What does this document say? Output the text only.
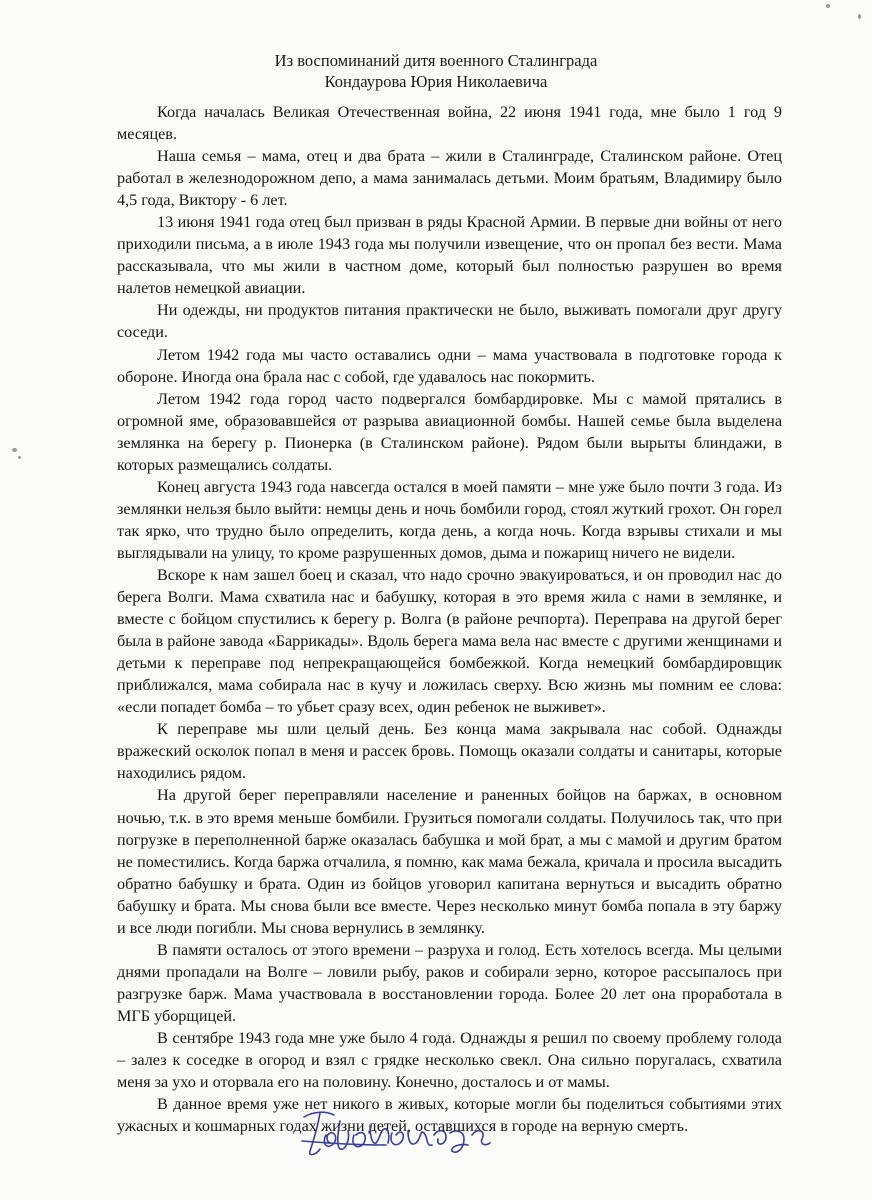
Из воспоминаний дитя военного Сталинграда
Кондаурова Юрия Николаевича

Когда началась Великая Отечественная война, 22 июня 1941 года, мне было 1 год 9 месяцев.

Наша семья – мама, отец и два брата – жили в Сталинграде, Сталинском районе. Отец работал в железнодорожном депо, а мама занималась детьми. Моим братьям, Владимиру было 4,5 года, Виктору - 6 лет.

13 июня 1941 года отец был призван в ряды Красной Армии. В первые дни войны от него приходили письма, а в июле 1943 года мы получили извещение, что он пропал без вести. Мама рассказывала, что мы жили в частном доме, который был полностью разрушен во время налетов немецкой авиации.

Ни одежды, ни продуктов питания практически не было, выживать помогали друг другу соседи.

Летом 1942 года мы часто оставались одни – мама участвовала в подготовке города к обороне. Иногда она брала нас с собой, где удавалось нас покормить.

Летом 1942 года город часто подвергался бомбардировке. Мы с мамой прятались в огромной яме, образовавшейся от разрыва авиационной бомбы. Нашей семье была выделена землянка на берегу р. Пионерка (в Сталинском районе). Рядом были вырыты блиндажи, в которых размещались солдаты.

Конец августа 1943 года навсегда остался в моей памяти – мне уже было почти 3 года. Из землянки нельзя было выйти: немцы день и ночь бомбили город, стоял жуткий грохот. Он горел так ярко, что трудно было определить, когда день, а когда ночь. Когда взрывы стихали и мы выглядывали на улицу, то кроме разрушенных домов, дыма и пожарищ ничего не видели.

Вскоре к нам зашел боец и сказал, что надо срочно эвакуироваться, и он проводил нас до берега Волги. Мама схватила нас и бабушку, которая в это время жила с нами в землянке, и вместе с бойцом спустились к берегу р. Волга (в районе речпорта). Переправа на другой берег была в районе завода «Баррикады». Вдоль берега мама вела нас вместе с другими женщинами и детьми к переправе под непрекращающейся бомбежкой. Когда немецкий бомбардировщик приближался, мама собирала нас в кучу и ложилась сверху. Всю жизнь мы помним ее слова: «если попадет бомба – то убьет сразу всех, один ребенок не выживет».

К переправе мы шли целый день. Без конца мама закрывала нас собой. Однажды вражеский осколок попал в меня и рассек бровь. Помощь оказали солдаты и санитары, которые находились рядом.

На другой берег переправляли население и раненных бойцов на баржах, в основном ночью, т.к. в это время меньше бомбили. Грузиться помогали солдаты. Получилось так, что при погрузке в переполненной барже оказалась бабушка и мой брат, а мы с мамой и другим братом не поместились. Когда баржа отчалила, я помню, как мама бежала, кричала и просила высадить обратно бабушку и брата. Один из бойцов уговорил капитана вернуться и высадить обратно бабушку и брата. Мы снова были все вместе. Через несколько минут бомба попала в эту баржу и все люди погибли. Мы снова вернулись в землянку.

В памяти осталось от этого времени – разруха и голод. Есть хотелось всегда. Мы целыми днями пропадали на Волге – ловили рыбу, раков и собирали зерно, которое рассыпалось при разгрузке барж. Мама участвовала в восстановлении города. Более 20 лет она проработала в МГБ уборщицей.

В сентябре 1943 года мне уже было 4 года. Однажды я решил по своему проблему голода – залез к соседке в огород и взял с грядке несколько свекл. Она сильно поругалась, схватила меня за ухо и оторвала его на половину. Конечно, досталось и от мамы.

В данное время уже нет никого в живых, которые могли бы поделиться событиями этих ужасных и кошмарных годах жизни детей, оставшихся в городе на верную смерть.
